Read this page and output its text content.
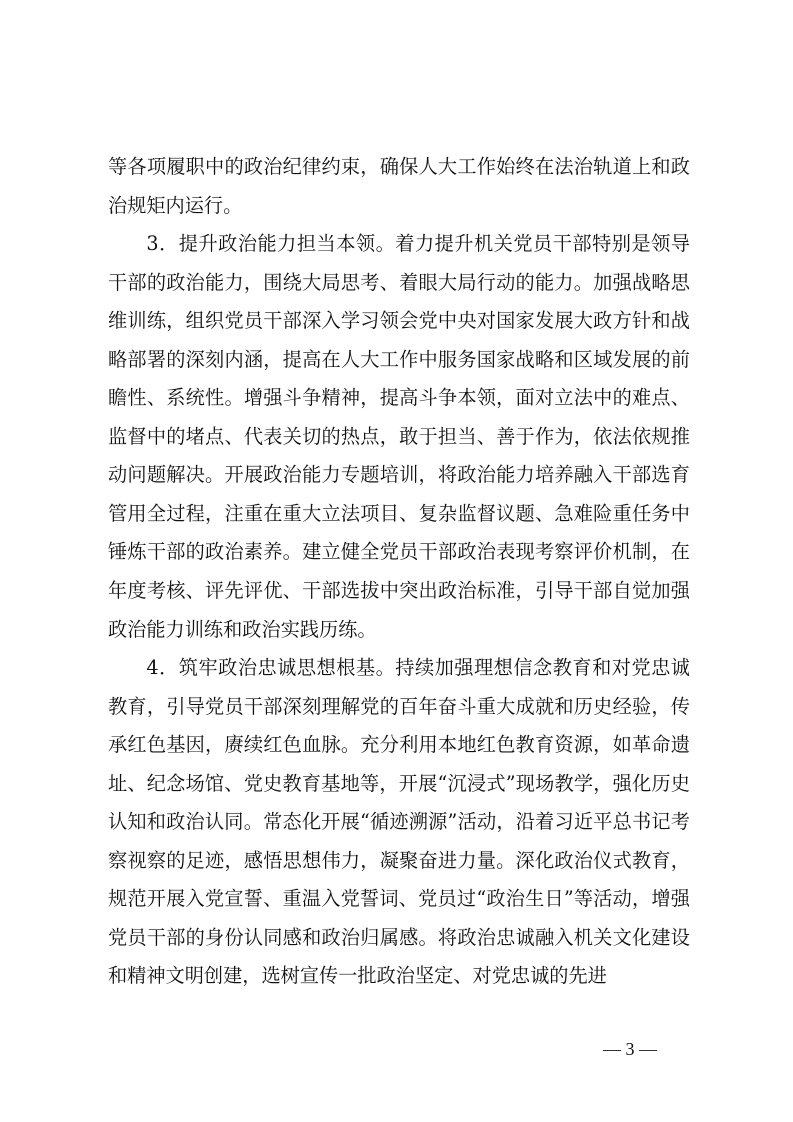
等各项履职中的政治纪律约束，确保人大工作始终在法治轨道上和政治规矩内运行。

3．提升政治能力担当本领。着力提升机关党员干部特别是领导干部的政治能力，围绕大局思考、着眼大局行动的能力。加强战略思维训练，组织党员干部深入学习领会党中央对国家发展大政方针和战略部署的深刻内涵，提高在人大工作中服务国家战略和区域发展的前瞻性、系统性。增强斗争精神，提高斗争本领，面对立法中的难点、监督中的堵点、代表关切的热点，敢于担当、善于作为，依法依规推动问题解决。开展政治能力专题培训，将政治能力培养融入干部选育管用全过程，注重在重大立法项目、复杂监督议题、急难险重任务中锤炼干部的政治素养。建立健全党员干部政治表现考察评价机制，在年度考核、评先评优、干部选拔中突出政治标准，引导干部自觉加强政治能力训练和政治实践历练。

4．筑牢政治忠诚思想根基。持续加强理想信念教育和对党忠诚教育，引导党员干部深刻理解党的百年奋斗重大成就和历史经验，传承红色基因，赓续红色血脉。充分利用本地红色教育资源，如革命遗址、纪念场馆、党史教育基地等，开展“沉浸式”现场教学，强化历史认知和政治认同。常态化开展“循迹溯源”活动，沿着习近平总书记考察视察的足迹，感悟思想伟力，凝聚奋进力量。深化政治仪式教育，规范开展入党宣誓、重温入党誓词、党员过“政治生日”等活动，增强党员干部的身份认同感和政治归属感。将政治忠诚融入机关文化建设和精神文明创建，选树宣传一批政治坚定、对党忠诚的先进

— 3 —
